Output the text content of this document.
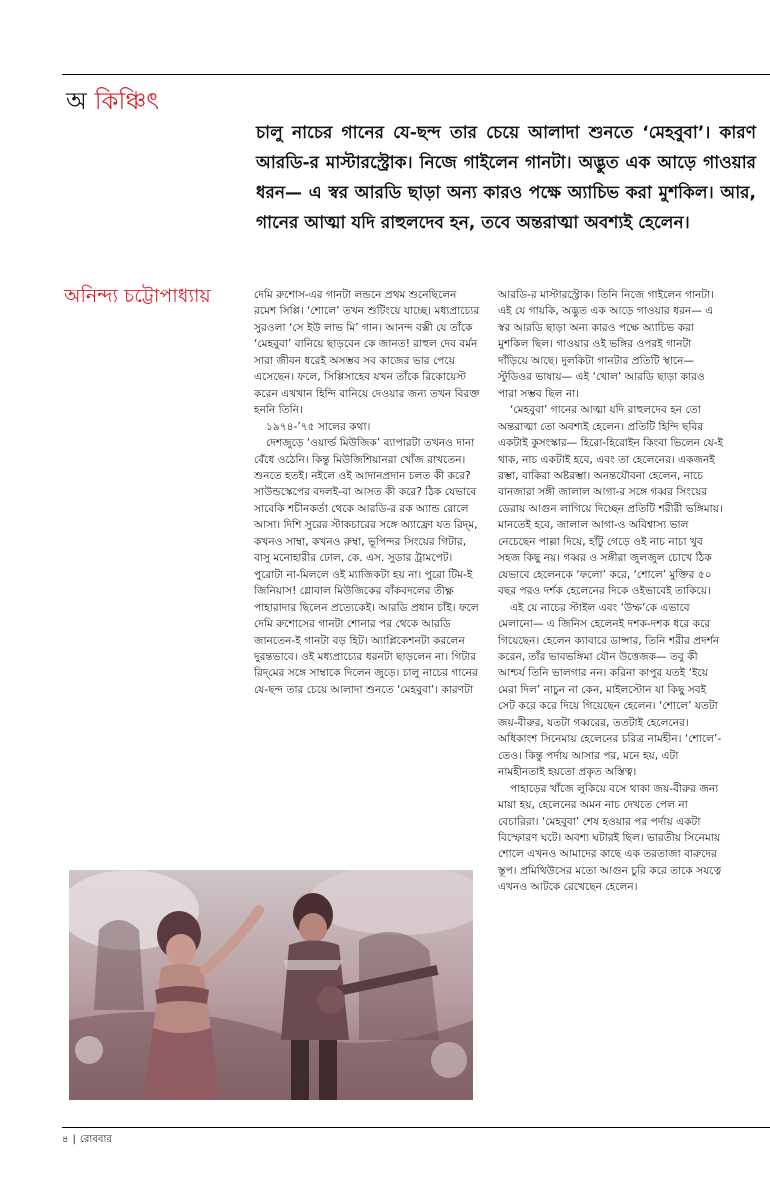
অ কিঞ্চিৎ
চালু নাচের গানের যে-ছন্দ তার চেয়ে আলাদা শুনতে ‘মেহবুবা’। কারণ আরডি-র মাস্টারস্ট্রোক। নিজে গাইলেন গানটা। অদ্ভুত এক আড়ে গাওয়ার ধরন— এ স্বর আরডি ছাড়া অন্য কারও পক্ষে অ্যাচিভ করা মুশকিল। আর, গানের আত্মা যদি রাহুলদেব হন, তবে অন্তরাত্মা অবশ্যই হেলেন।
অনিন্দ্য চট্টোপাধ্যায়	দেমি রুশোস-এর গানটা লন্ডনে প্রথম শুনেছিলেন রমেশ সিপ্পি। ‘শোলে’ তখন শুটিংয়ে যাচ্ছে। মধ্যপ্রাচ্যের সুরওলা ‘সে ইউ লাভ মি’ গান। আনন্দ বক্সী যে তাঁকে ‘মেহবুবা’ বানিয়ে ছাড়বেন কে জানত! রাহুল দেব বর্মন সারা জীবন ধরেই অসম্ভব সব কাজের ভার পেয়ে এসেছেন। ফলে, সিপ্পিসাহেব যখন তাঁকে রিকোয়েস্ট করেন এখখান হিন্দি বানিয়ে দেওয়ার জন্য তখন বিরক্ত হননি তিনি।

১৯৭৪-’৭৫ সালের কথা।

দেশজুড়ে ‘ওয়ার্ল্ড মিউজিক’ ব্যাপারটা তখনও দানা বেঁধে ওঠেনি। কিন্তু মিউজিশিয়ানরা খোঁজ রাখতেন। শুনতে হতই। নইলে ওই আদানপ্রদান চলত কী করে? সাউন্ডস্কেপের বদলই-বা আসত কী করে? ঠিক যেভাবে সাবেকি শচীনকর্তা থেকে আরডি-র রক অ্যান্ড রোলে আসা। দিশি সুরের স্টাকচারের সঙ্গে অ্যাফ্রো যত রিদ্‌ম, কখনও সাম্বা, কখনও রুম্বা, ভূপিন্দর সিংয়ের গিটার, বাসু মনোহারীর ঢোল, কে. এস. সুডার ট্রামপেট। পুরোটা না-মিললে ওই ম্যাজিকটা হয় না। পুরো টিম-ই জিনিয়াস! গ্লোবাল মিউজিকের বাঁকবদলের তীক্ষ্ণ পাহারাদার ছিলেন প্রত্যেকেই। আরডি প্রধান চাঁই। ফলে দেমি রুশোসের গানটা শোনার পর থেকে আরডি জানতেন-ই গানটা বড় হিট। অ্যাপ্লিকেশনটা করলেন দুরন্তভাবে। ওই মধ্যপ্রাচ্যের ধরনটা ছাড়লেন না। গিটার রিদ্‌মের সঙ্গে সাম্বাকে দিলেন জুড়ে। চালু নাচের গানের যে-ছন্দ তার চেয়ে আলাদা শুনতে ‘মেহবুবা’। কারণটা

আরডি-র মাস্টারস্ট্রোক। তিনি নিজে গাইলেন গানটা। এই যে গায়কি, অদ্ভুত এক আড়ে গাওয়ার ধরন— এ স্বর আরডি ছাড়া অন্য কারও পক্ষে অ্যাচিভ করা মুশকিল ছিল। গাওয়ার ওই ভঙ্গির ওপরই গানটা দাঁড়িয়ে আছে। দুলকিটা গানটার প্রতিটি স্থানে— স্টুডিওর ভাষায়— এই ‘খোল’ আরডি ছাড়া কারও পারা সম্ভব ছিল না।

‘মেহবুবা’ গানের আত্মা যদি রাহুলদেব হন তো অন্তরাত্মা তো অবশ্যই হেলেন। প্রতিটি হিন্দি ছবির একটাই কুসংস্কার— হিরো-হিরোইন কিংবা ভিলেন যে-ই থাক, নাচ একটাই হবে, এবং তা হেলেনের। একজনই রম্ভা, বাকিরা অষ্টরম্ভা। অনন্তযৌবনা হেলেন, নাচে বানজারা সঙ্গী জালাল আগা-র সঙ্গে গব্বর সিংয়ের ডেরায় আগুন লাগিয়ে দিচ্ছেন প্রতিটি শরীরী ভঙ্গিমায়। মানতেই হবে, জালাল আগা-ও অবিশ্বাস্য ভাল নেচেছেন পাল্লা দিয়ে, হাঁটু গেড়ে ওই নাচ নাচা খুব সহজ কিছু নয়। গব্বর ও সঙ্গীরা জুলজুল চোখে ঠিক যেভাবে হেলেনকে ‘ফলো’ করে, ‘শোলে’ মুক্তির ৫০ বছর পরও দর্শক হেলেনের দিকে ওইভাবেই তাকিয়ে।

এই যে নাচের স্টাইল এবং ‘উম্ফ’কে এভাবে মেলানো— এ জিনিস হেলেনই দশক-দশক ধরে করে গিয়েছেন। হেলেন ক্যাবারে ডান্সার, তিনি শরীর প্রদর্শন করেন, তাঁর ভাবভঙ্গিমা যৌন উত্তেজক— তবু কী আশ্চর্য তিনি ভালগার নন। করিনা কাপুর যতই ‘ইয়ে মেরা দিল’ নাচুন না কেন, মাইলস্টোন যা কিছু সবই সেট করে করে দিয়ে গিয়েছেন হেলেন। ‘শোলে’ যতটা জয়-বীরুর, যতটা গব্বরের, ততটাই হেলেনের। অধিকাংশ সিনেমায় হেলেনের চরিত্র নামহীন। ‘শোলে’-তেও। কিন্তু পর্দায় আসার পর, মনে হয়, এটা নামহীনতাই হয়তো প্রকৃত অস্তিত্ব।

পাহাড়ের খাঁজে লুকিয়ে বসে থাকা জয়-বীরুর জন্য মায়া হয়, হেলেনের অমন নাচ দেখতে পেল না বেচারিরা। ‘মেহবুবা’ শেষ হওয়ার পর পর্দায় একটা বিস্ফোরণ ঘটে। অবশ্য ঘটারই ছিল। ভারতীয় সিনেমায় শোলে এখনও আমাদের কাছে এক তরতাজা বারুদের স্তূপ। প্রমিথিউসের মতো আগুন চুরি করে তাকে সযত্নে এখনও আটকে রেখেছেন হেলেন।

৪ | রোববার
